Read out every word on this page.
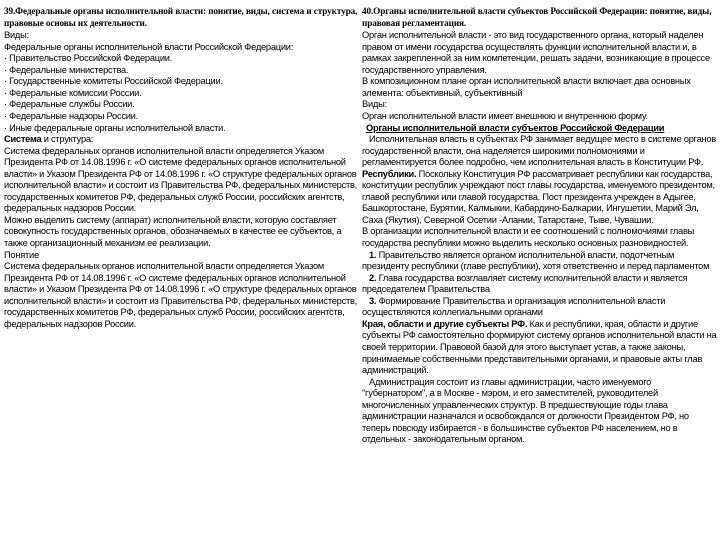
39.Федеральные органы исполнительной власти: понятие, виды, система и структура, правовые основы их деятельности.
Виды:
Федеральные органы исполнительной власти Российской Федерации:
· Правительство Российской Федерации.
· Федеральные министерства.
· Государственные комитеты Российской Федерации.
· Федеральные комиссии России.
· Федеральные службы России.
· Федеральные надзоры России.
· Иные федеральные органы исполнительной власти.
Система и структура:
Система федеральных органов исполнительной власти определяется Указом Президента РФ от 14.08.1996 г. «О системе федеральных органов исполнительной власти» и Указом Президента РФ от 14.08.1996 г. «О структуре федеральных органов исполнительной власти» и состоит из Правительства РФ, федеральных министерств, государственных комитетов РФ, федеральных служб России, российских агентств, федеральных надзоров России.
Можно выделить систему (аппарат) исполнительной власти, которую составляет совокупность государственных органов, обозначаемых в качестве ее субъектов, а также организационный механизм ее реализации.
Понятие
Система федеральных органов исполнительной власти определяется Указом Президента РФ от 14.08.1996 г. «О системе федеральных органов исполнительной власти» и Указом Президента РФ от 14.08.1996 г. «О структуре федеральных органов исполнительной власти» и состоит из Правительства РФ, федеральных министерств, государственных комитетов РФ, федеральных служб России, российских агентств, федеральных надзоров России.
40.Органы исполнительной власти субъектов Российской Федерации: понятие, виды, правовая регламентация.
Орган исполнительной власти - это вид государственного органа, который наделен правом от имени государства осуществлять функции исполнительной власти и, в рамках закрепленной за ним компетенции, решать задачи, возникающие в процессе государственного управления.
В композиционном плане орган исполнительной власти включает два основных элемента: объективный, субъективный
Виды:
Орган исполнительной власти имеет внешнюю и внутреннюю форму.
Органы исполнительной власти субъектов Российской Федерации
Исполнительная власть в субъектах РФ занимает ведущее место в системе органов государственной власти, она наделяется широкими полномочиями и регламентируется более подробно, чем исполнительная власть в Конституции РФ.
Республики. Поскольку Конституция РФ рассматривает республики как государства, конституции республик учреждают пост главы государства, именуемого президентом, главой республики или главой государства. Пост президента учрежден в Адыгее, Башкортостане, Бурятии, Калмыкии, Кабардино-Балкарии, Ингушетии, Марий Эл, Саха (Якутия), Северной Осетии -Алании, Татарстане, Тыве, Чувашии.
В организации исполнительной власти и ее соотношений с полномочиями главы государства республики можно выделить несколько основных разновидностей.
1. Правительство является органом исполнительной власти, подотчетным президенту республики (главе республики), хотя ответственно и перед парламентом
2. Глава государства возглавляет систему исполнительной власти и является председателем Правительства
3. Формирование Правительства и организация исполнительной власти осуществляются коллегиальными органами
Края, области и другие субъекты РФ. Как и республики, края, области и другие субъекты РФ самостоятельно формируют систему органов исполнительной власти на своей территории. Правовой базой для этого выступает устав, а также законы, принимаемые собственными представительными органами, и правовые акты глав администраций.
Администрация состоит из главы администрации, часто именуемого "губернатором", а в Москве - мэром, и его заместителей, руководителей многочисленных управленческих структур. В предшествующие годы глава администрации назначался и освобождался от должности Президентом РФ, но теперь повсюду избирается - в большинстве субъектов РФ населением, но в отдельных - законодательным органом.
